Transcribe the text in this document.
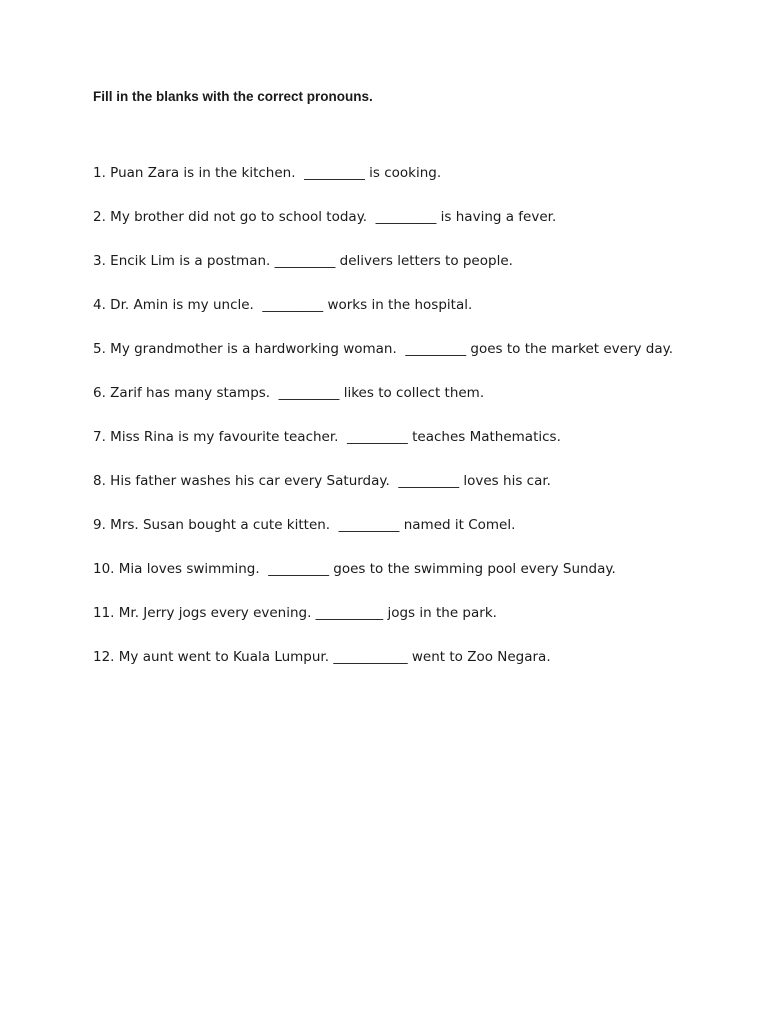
Fill in the blanks with the correct pronouns.

1. Puan Zara is in the kitchen.  _________ is cooking.

2. My brother did not go to school today.  _________ is having a fever.

3. Encik Lim is a postman. _________ delivers letters to people.

4. Dr. Amin is my uncle.  _________ works in the hospital.

5. My grandmother is a hardworking woman.  _________ goes to the market every day.

6. Zarif has many stamps.  _________ likes to collect them.

7. Miss Rina is my favourite teacher.  _________ teaches Mathematics.

8. His father washes his car every Saturday.  _________ loves his car.

9. Mrs. Susan bought a cute kitten.  _________ named it Comel.

10. Mia loves swimming.  _________ goes to the swimming pool every Sunday.

11. Mr. Jerry jogs every evening. __________ jogs in the park.

12. My aunt went to Kuala Lumpur. ___________ went to Zoo Negara.
